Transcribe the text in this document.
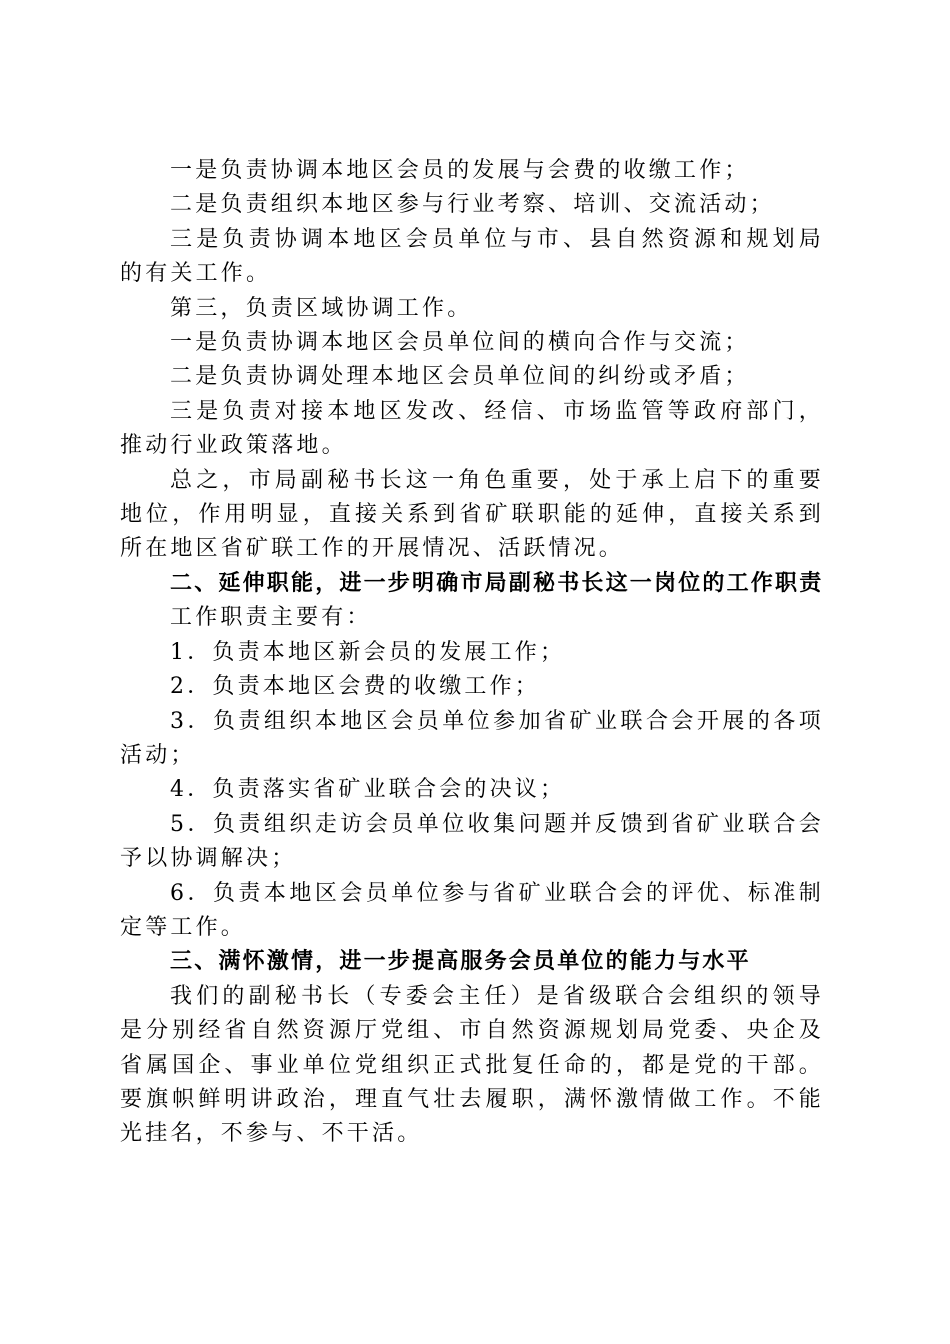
一是负责协调本地区会员的发展与会费的收缴工作；

二是负责组织本地区参与行业考察、培训、交流活动；

三是负责协调本地区会员单位与市、县自然资源和规划局的有关工作。

第三，负责区域协调工作。

一是负责协调本地区会员单位间的横向合作与交流；

二是负责协调处理本地区会员单位间的纠纷或矛盾；

三是负责对接本地区发改、经信、市场监管等政府部门，推动行业政策落地。

总之，市局副秘书长这一角色重要，处于承上启下的重要地位，作用明显，直接关系到省矿联职能的延伸，直接关系到所在地区省矿联工作的开展情况、活跃情况。

二、延伸职能，进一步明确市局副秘书长这一岗位的工作职责

工作职责主要有：

1．负责本地区新会员的发展工作；

2．负责本地区会费的收缴工作；

3．负责组织本地区会员单位参加省矿业联合会开展的各项活动；

4．负责落实省矿业联合会的决议；

5．负责组织走访会员单位收集问题并反馈到省矿业联合会予以协调解决；

6．负责本地区会员单位参与省矿业联合会的评优、标准制定等工作。

三、满怀激情，进一步提高服务会员单位的能力与水平

我们的副秘书长（专委会主任）是省级联合会组织的领导是分别经省自然资源厅党组、市自然资源规划局党委、央企及省属国企、事业单位党组织正式批复任命的，都是党的干部。要旗帜鲜明讲政治，理直气壮去履职，满怀激情做工作。不能光挂名，不参与、不干活。
